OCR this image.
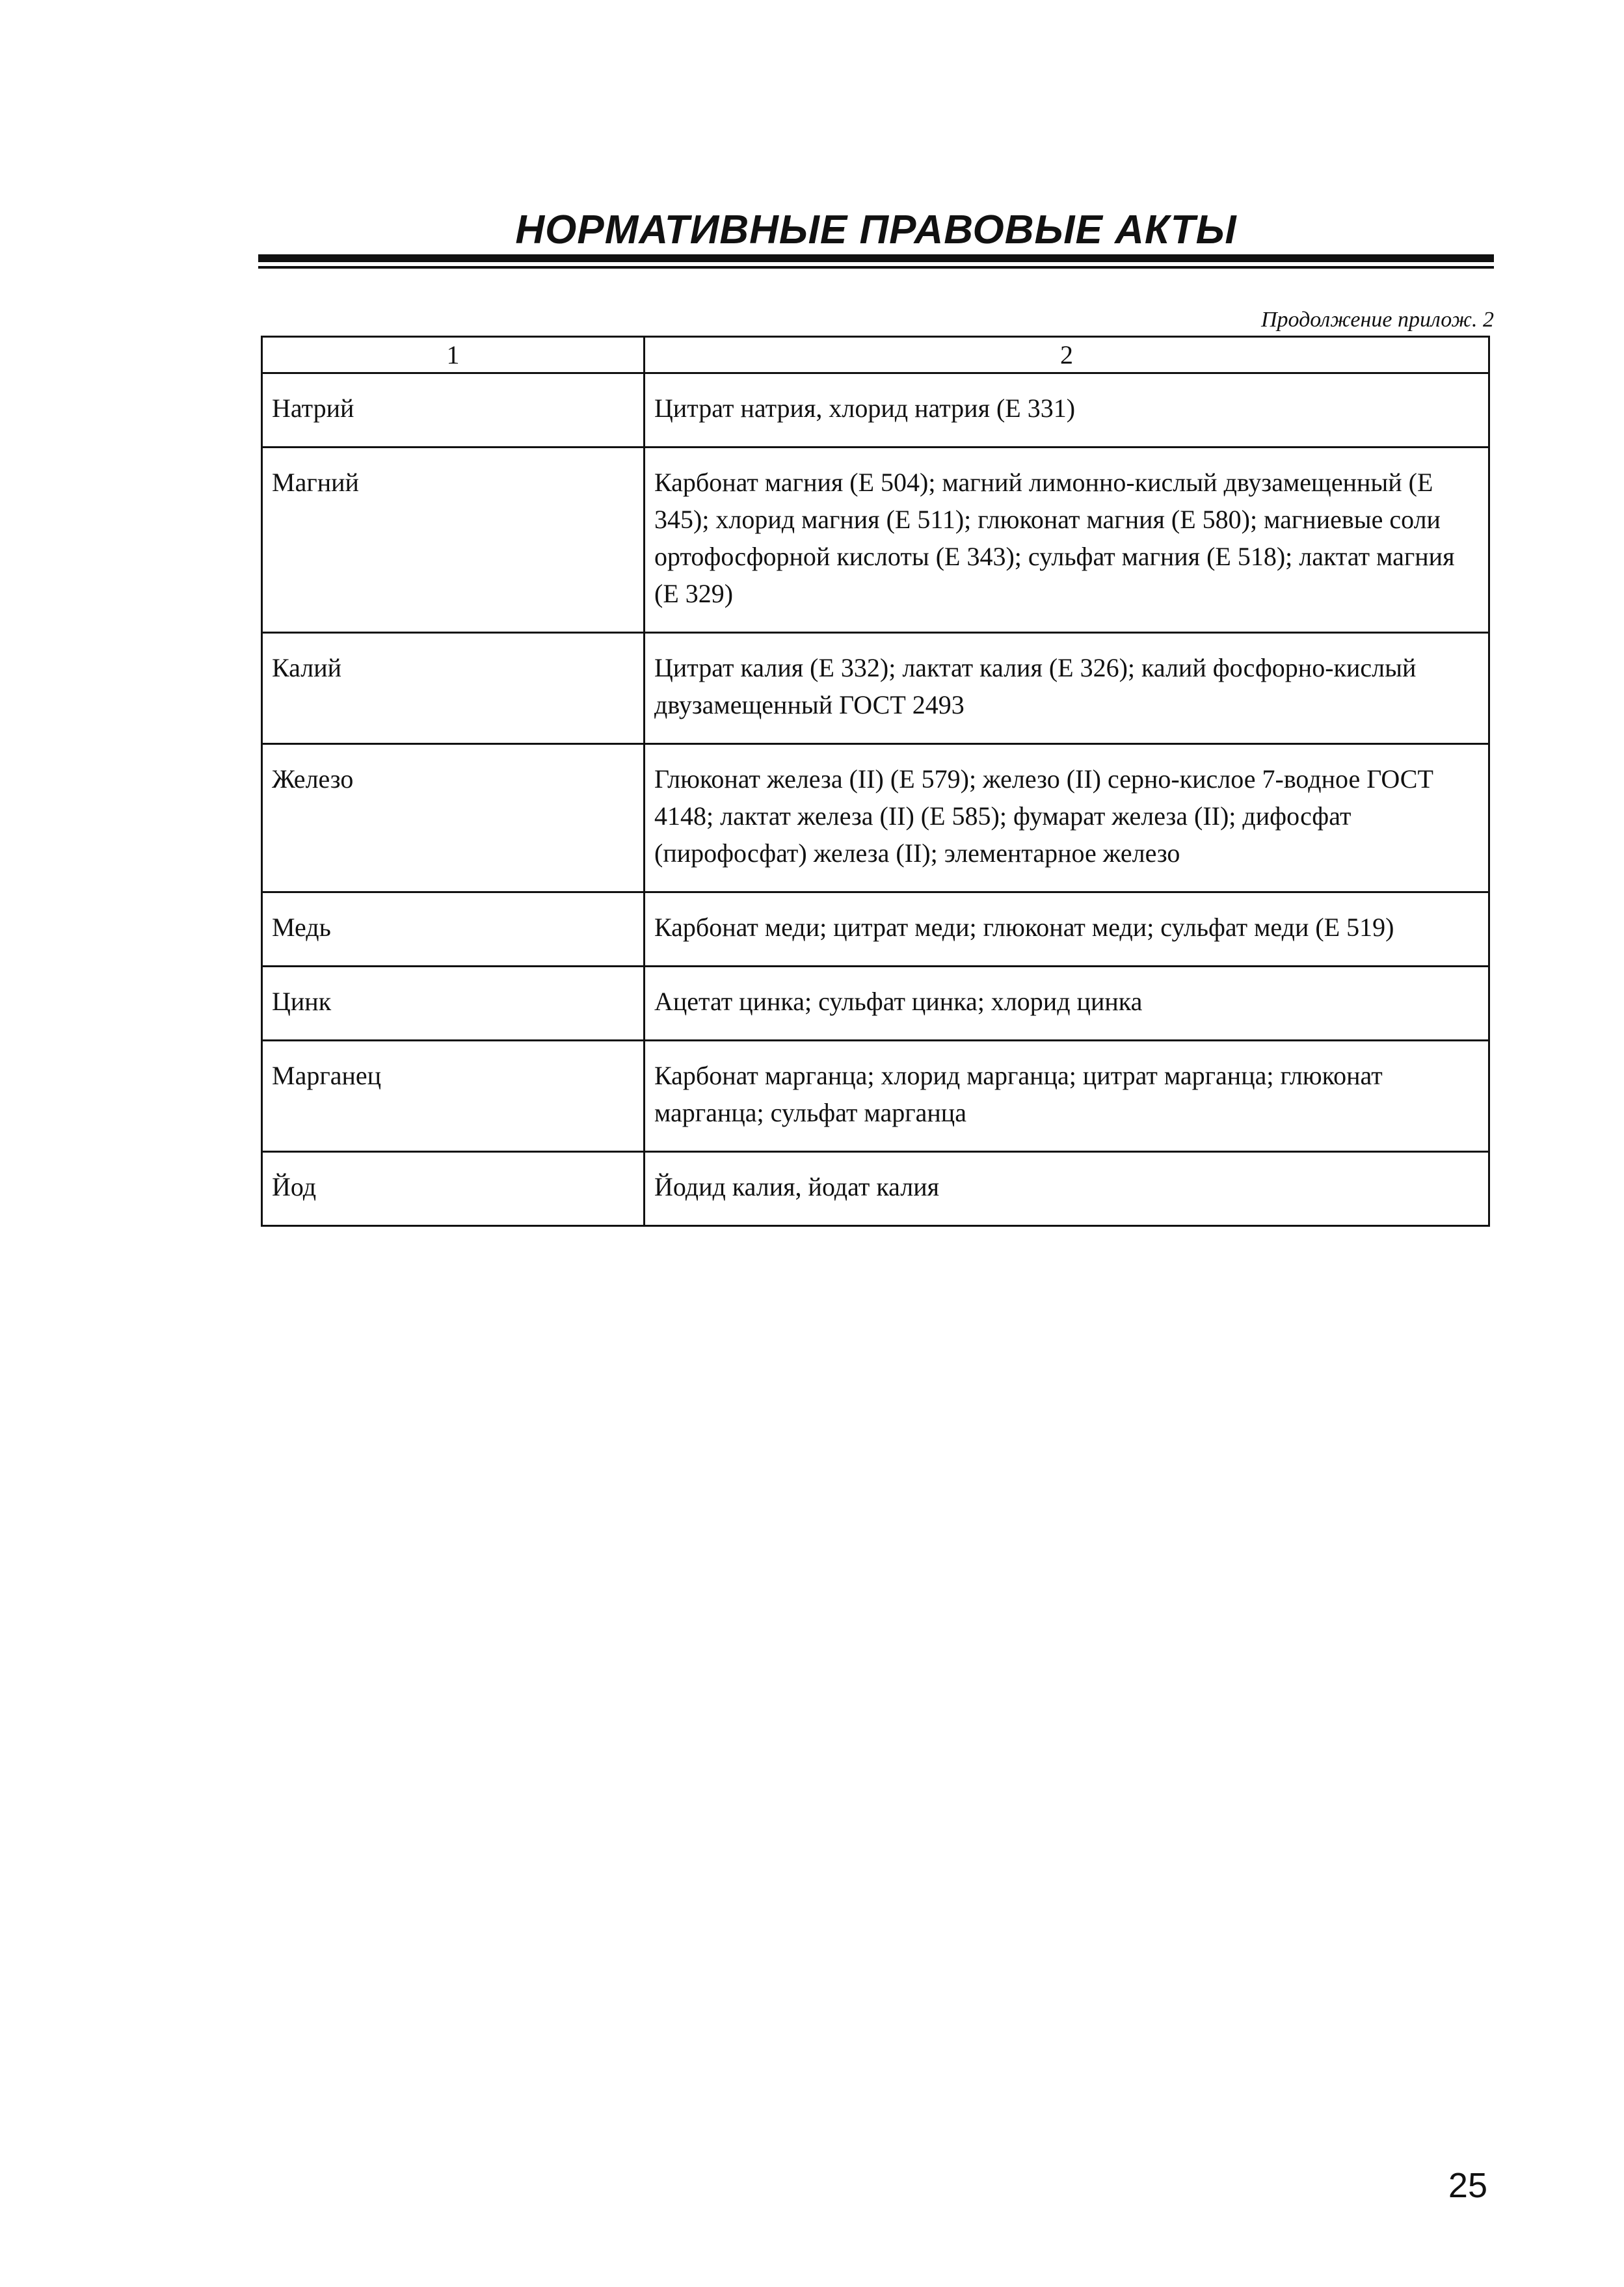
НОРМАТИВНЫЕ ПРАВОВЫЕ АКТЫ
Продолжение прилож. 2
1	2
Натрий	Цитрат натрия, хлорид натрия (Е 331)
Магний	Карбонат магния (Е 504); магний лимонно-кислый двузамещенный (Е 345); хлорид магния (Е 511); глюконат магния (Е 580); магниевые соли ортофосфорной кислоты (Е 343); сульфат магния (Е 518); лактат магния (Е 329)
Калий	Цитрат калия (Е 332); лактат калия (Е 326); калий фосфорно-кислый двузамещенный ГОСТ 2493
Железо	Глюконат железа (II) (Е 579); железо (II) серно-кислое 7-водное ГОСТ 4148; лактат железа (II) (Е 585); фумарат железа (II); дифосфат (пирофосфат) железа (II); элементарное железо
Медь	Карбонат меди; цитрат меди; глюконат меди; сульфат меди (Е 519)
Цинк	Ацетат цинка; сульфат цинка; хлорид цинка
Марганец	Карбонат марганца; хлорид марганца; цитрат марганца; глюконат марганца; сульфат марганца
Йод	Йодид калия, йодат калия
25
